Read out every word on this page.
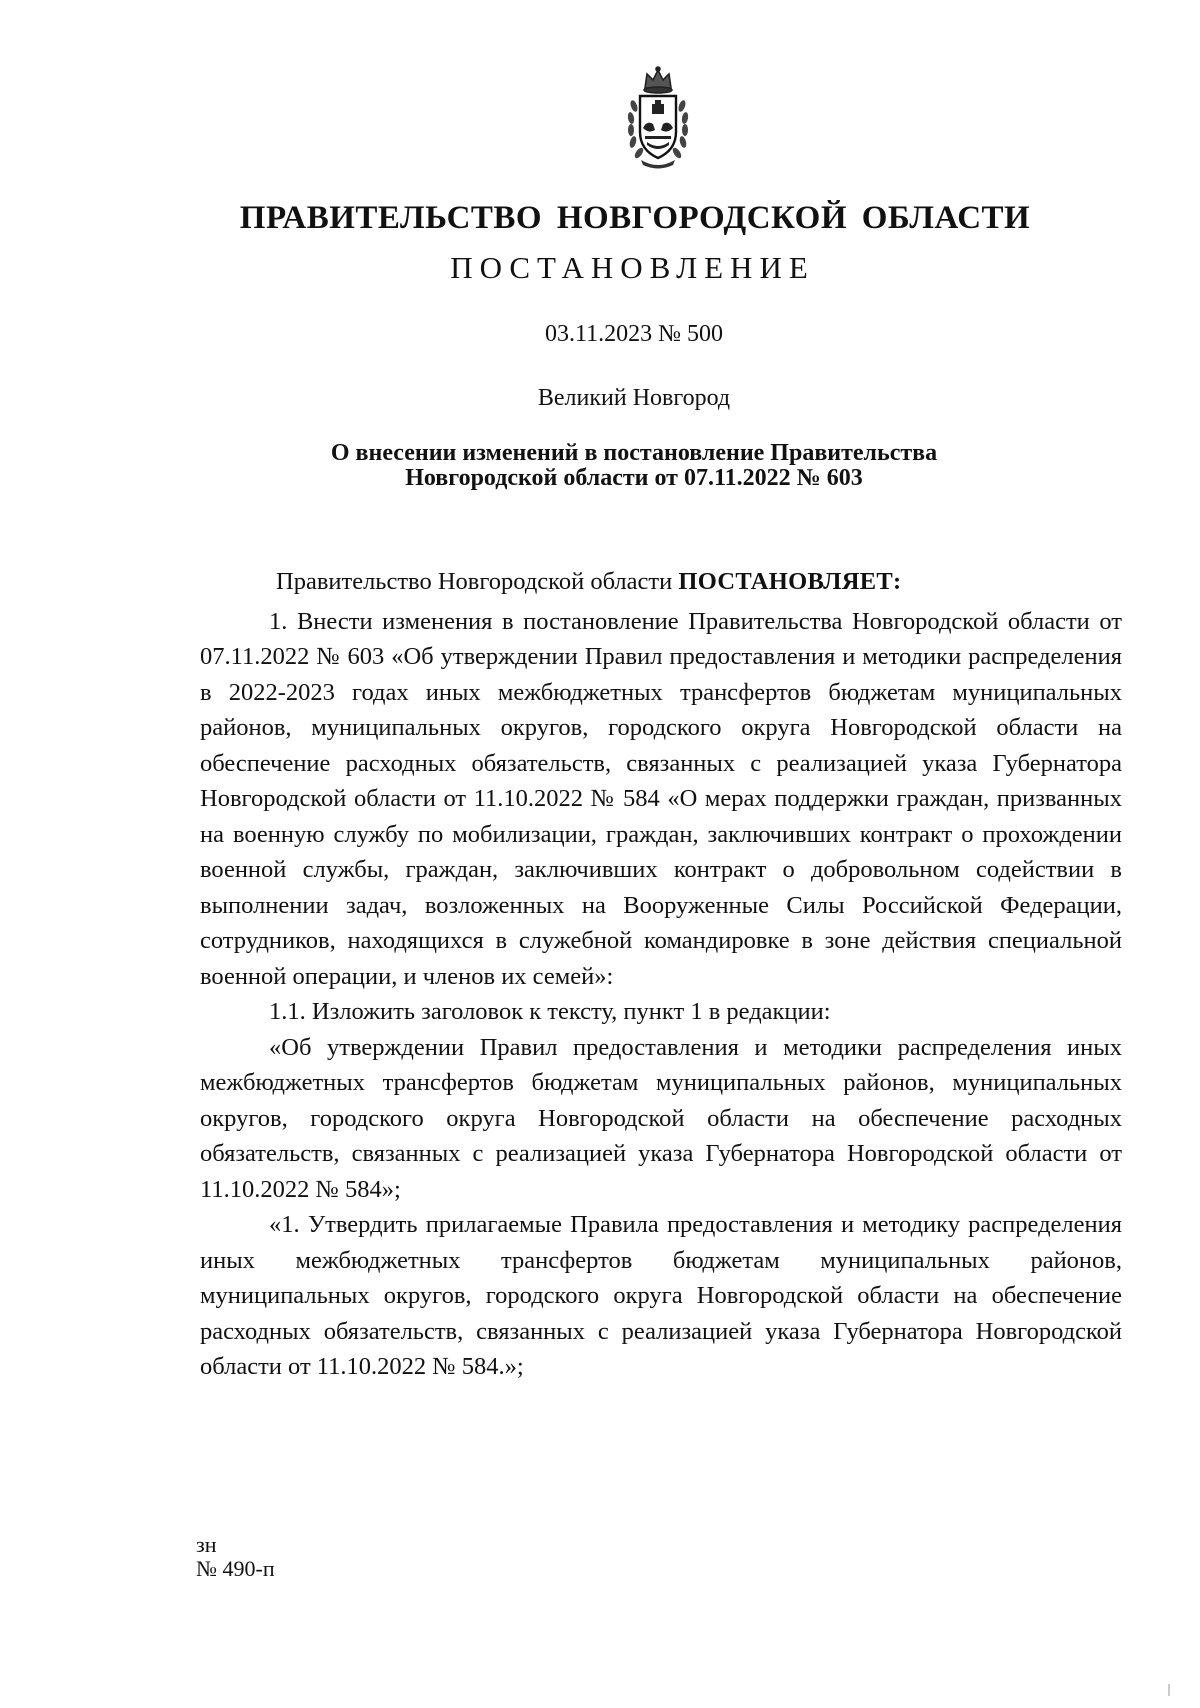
ПРАВИТЕЛЬСТВО НОВГОРОДСКОЙ ОБЛАСТИ
ПОСТАНОВЛЕНИЕ
03.11.2023 № 500
Великий Новгород
О внесении изменений в постановление Правительства
Новгородской области от 07.11.2022 № 603

Правительство Новгородской области ПОСТАНОВЛЯЕТ:

1. Внести изменения в постановление Правительства Новгородской области от 07.11.2022 № 603 «Об утверждении Правил предоставления и методики распределения в 2022-2023 годах иных межбюджетных трансфертов бюджетам муниципальных районов, муниципальных округов, городского округа Новгородской области на обеспечение расходных обязательств, связанных с реализацией указа Губернатора Новгородской области от 11.10.2022 № 584 «О мерах поддержки граждан, призванных на военную службу по мобилизации, граждан, заключивших контракт о прохождении военной службы, граждан, заключивших контракт о добровольном содействии в выполнении задач, возложенных на Вооруженные Силы Российской Федерации, сотрудников, находящихся в служебной командировке в зоне действия специальной военной операции, и членов их семей»:

1.1. Изложить заголовок к тексту, пункт 1 в редакции:

«Об утверждении Правил предоставления и методики распределения иных межбюджетных трансфертов бюджетам муниципальных районов, муниципальных округов, городского округа Новгородской области на обеспечение расходных обязательств, связанных с реализацией указа Губернатора Новгородской области от 11.10.2022 № 584»;

«1. Утвердить прилагаемые Правила предоставления и методику распределения иных межбюджетных трансфертов бюджетам муниципальных районов, муниципальных округов, городского округа Новгородской области на обеспечение расходных обязательств, связанных с реализацией указа Губернатора Новгородской области от 11.10.2022 № 584.»;

зн
№ 490-п
